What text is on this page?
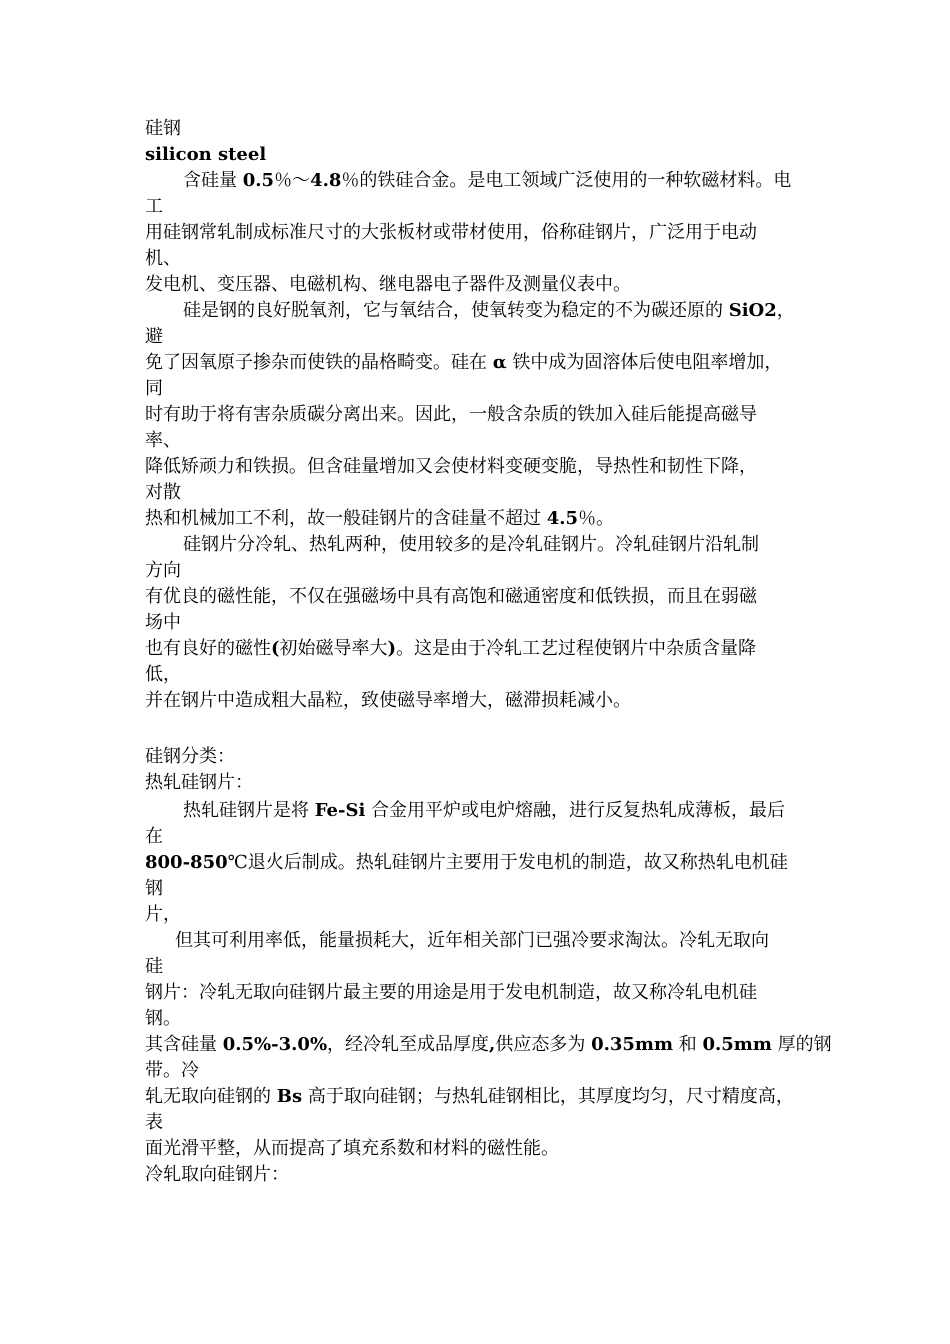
硅钢
silicon steel
含硅量 0.5％～4.8％的铁硅合金。是电工领域广泛使用的一种软磁材料。电
工
用硅钢常轧制成标准尺寸的大张板材或带材使用，俗称硅钢片，广泛用于电动
机、
发电机、变压器、电磁机构、继电器电子器件及测量仪表中。
硅是钢的良好脱氧剂，它与氧结合，使氧转变为稳定的不为碳还原的 SiO2，
避
免了因氧原子掺杂而使铁的晶格畸变。硅在 α 铁中成为固溶体后使电阻率增加，
同
时有助于将有害杂质碳分离出来。因此，一般含杂质的铁加入硅后能提高磁导
率、
降低矫顽力和铁损。但含硅量增加又会使材料变硬变脆，导热性和韧性下降，
对散
热和机械加工不利，故一般硅钢片的含硅量不超过 4.5％。
硅钢片分冷轧、热轧两种，使用较多的是冷轧硅钢片。冷轧硅钢片沿轧制
方向
有优良的磁性能，不仅在强磁场中具有高饱和磁通密度和低铁损，而且在弱磁
场中
也有良好的磁性(初始磁导率大)。这是由于冷轧工艺过程使钢片中杂质含量降
低，
并在钢片中造成粗大晶粒，致使磁导率增大，磁滞损耗减小。
硅钢分类：
热轧硅钢片：
热轧硅钢片是将 Fe-Si 合金用平炉或电炉熔融，进行反复热轧成薄板，最后
在
800-850℃退火后制成。热轧硅钢片主要用于发电机的制造，故又称热轧电机硅
钢
片，
但其可利用率低，能量损耗大，近年相关部门已强冷要求淘汰。冷轧无取向
硅
钢片：冷轧无取向硅钢片最主要的用途是用于发电机制造，故又称冷轧电机硅
钢。
其含硅量 0.5%-3.0%，经冷轧至成品厚度,供应态多为 0.35mm 和 0.5mm 厚的钢
带。冷
轧无取向硅钢的 Bs 高于取向硅钢；与热轧硅钢相比，其厚度均匀，尺寸精度高，
表
面光滑平整，从而提高了填充系数和材料的磁性能。
冷轧取向硅钢片：
